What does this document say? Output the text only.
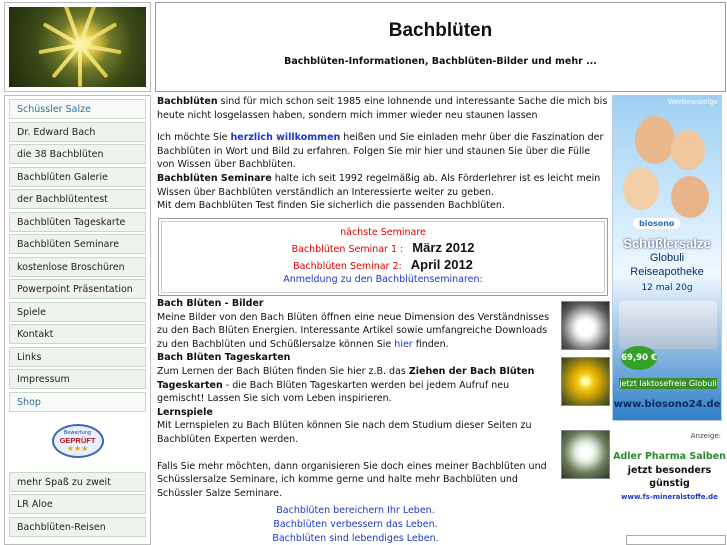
Bachblüten
Bachblüten-Informationen, Bachblüten-Bilder und mehr ...
Schüssler Salze
Dr. Edward Bach
die 38 Bachblüten
Bachblüten Galerie
der Bachblütentest
Bachblüten Tageskarte
Bachblüten Seminare
kostenlose Broschüren
Powerpoint Präsentation
Spiele
Kontakt
Links
Impressum
Shop
Bewertung
GEPRÜFT
★★★
mehr Spaß zu zweit
LR Aloe
Bachblüten-Reisen

Bachblüten sind für mich schon seit 1985 eine lohnende und interessante Sache die mich bis heute nicht losgelassen haben, sondern mich immer wieder neu staunen lassen

Ich möchte Sie herzlich willkommen heißen und Sie einladen mehr über die Faszination der Bachblüten in Wort und Bild zu erfahren. Folgen Sie mir hier und staunen Sie über die Fülle von Wissen über Bachblüten.

Bachblüten Seminare halte ich seit 1992 regelmäßig ab. Als Förderlehrer ist es leicht mein Wissen über Bachblüten verständlich an Interessierte weiter zu geben.

Mit dem Bachblüten Test finden Sie sicherlich die passenden Bachblüten.

nächste Seminare
Bachblüten Seminar 1 : März 2012
Bachblüten Seminar 2: April 2012
Anmeldung zu den Bachblütenseminaren:
Bach Blüten - Bilder
Meine Bilder von den Bach Blüten öffnen eine neue Dimension des Verständnisses zu den Bach Blüten Energien. Interessante Artikel sowie umfangreiche Downloads zu den Bachblüten und Schüßlersalze können Sie hier finden.
Bach Blüten Tageskarten
Zum Lernen der Bach Blüten finden Sie hier z.B. das Ziehen der Bach Blüten Tageskarten - die Bach Blüten Tageskarten werden bei jedem Aufruf neu gemischt! Lassen Sie sich vom Leben inspirieren.
Lernspiele
Mit Lernspielen zu Bach Blüten können Sie nach dem Studium dieser Seiten zu Bachblüten Experten werden.
Falls Sie mehr möchten, dann organisieren Sie doch eines meiner Bachblüten und Schüsslersalze Seminare, ich komme gerne und halte mehr Bachblüten und Schüssler Salze Seminare.
Bachblüten bereichern Ihr Leben.
Bachblüten verbessern das Leben.
Bachblüten sind lebendiges Leben.
Werbeanzeige
biosono
Schüßlersalze
Globuli
Reiseapotheke
12 mal 20g
69,90 €
jetzt laktosefreie Globuli
www.biosono24.de
Anzeige:
Adler Pharma Salben
jetzt besonders
günstig
www.fs-mineralstoffe.de
